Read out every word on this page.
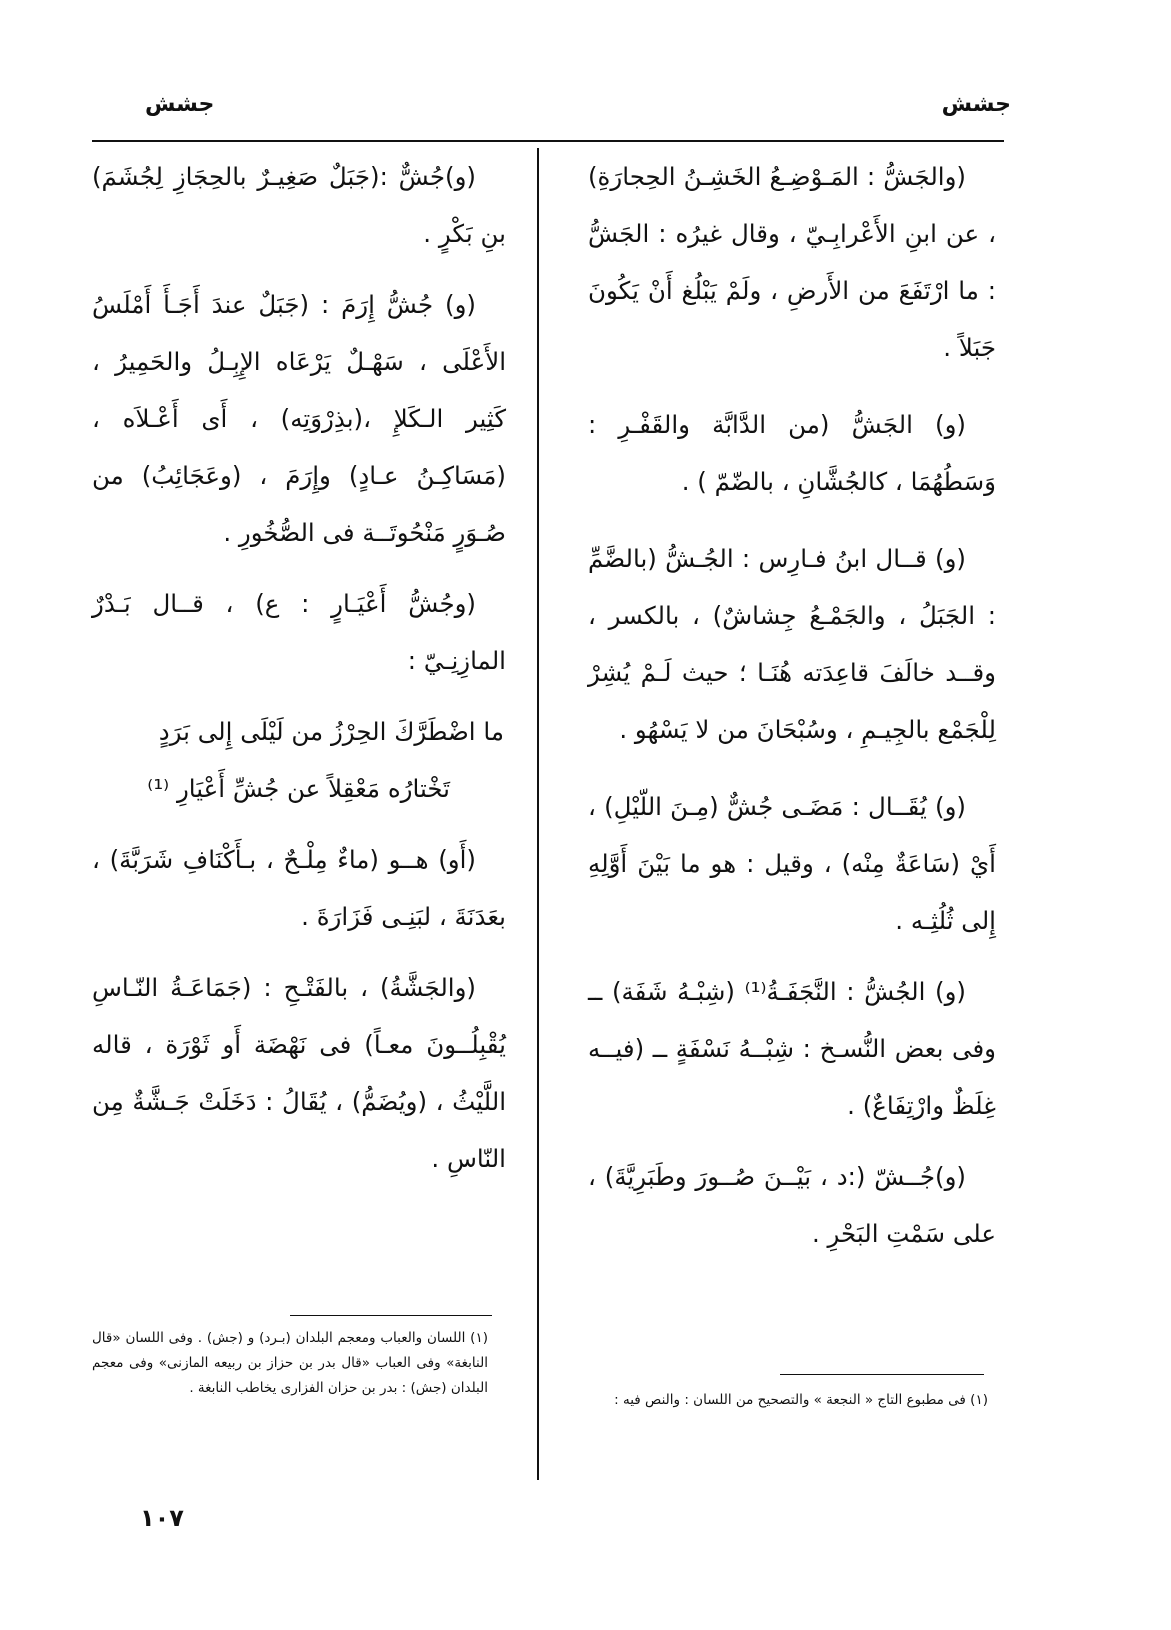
جشش
جشش

(والجَشُّ : المَـوْضِـعُ الخَشِـنُ الحِجارَةِ) ، عن ابنِ الأَعْرابِـيّ ، وقال غيرُه : الجَشُّ : ما ارْتَفَعَ من الأَرضِ ، ولَمْ يَبْلُغ أَنْ يَكُونَ جَبَلاً .

(و) الجَشُّ (من الدَّابَّة والقَفْـرِ : وَسَطُهُمَا ، كالجُشَّانِ ، بالضّمّ ) .

(و) قــال ابنُ فـارِس : الجُـشُّ (بالضَّمِّ : الجَبَلُ ، والجَمْـعُ جِشاشٌ) ، بالكسر ، وقــد خالَفَ قاعِدَته هُنَـا ؛ حيث لَـمْ يُشِرْ لِلْجَمْع بالجِيـمِ ، وسُبْحَانَ من لا يَسْهُو .

(و) يُقَــال : مَضَـى جُشٌّ (مِـنَ اللّيْلِ) ، أَيْ (سَاعَةٌ مِنْه) ، وقيل : هو ما بَيْنَ أَوَّلِهِ إِلى ثُلُثِـه .

(و) الجُشُّ : النَّجَفَـةُ⁽¹⁾ (شِبْـهُ شَفَة) ــ وفى بعض النُّسـخ : شِبْــهُ نَسْفَةٍ ــ (فيــه غِلَظٌ وارْتِفَاعٌ) .

(و)جُــشّ (:د ، بَيْــنَ صُــورَ وطَبَرِيَّةَ) ، على سَمْتِ البَحْرِ .

(و)جُشٌّ :(جَبَلٌ صَغِيـرٌ بالحِجَازِ لِجُشَمَ) بنِ بَكْرٍ .

(و) جُشُّ إِرَمَ : (جَبَلٌ عندَ أَجَـأَ أَمْلَسُ الأَعْلَى ، سَهْـلٌ يَرْعَاه الإِبِـلُ والحَمِيرُ ، كَثِير الـكَلإِ ،(بذِرْوَتِه) ، أَى أَعْـلاَه ، (مَسَاكِـنُ عـادٍ) وإِرَمَ ، (وعَجَائِبُ) من صُـوَرٍ مَنْحُوتَــة فى الصُّخُورِ .

(وجُشُّ أَعْيَـارٍ : ع) ، قــال بَـدْرٌ المازِنِـيّ :

ما اضْطَرَّكَ الحِرْزُ من لَيْلَى إِلى بَرَدٍ
تَخْتارُه مَعْقِلاً عن جُشِّ أَعْيَارِ ⁽¹⁾

(أَو) هــو (ماءٌ مِلْـحٌ ، بـأَكْنَافِ شَرَبَّةَ) ، بعَدَنَةَ ، لبَنِـى فَزَارَةَ .

(والجَشَّةُ) ، بالفَتْـحِ : (جَمَاعَـةُ النّـاسِ يُقْبِلُــونَ معـاً) فى نَهْضَة أَو ثَوْرَة ، قاله اللَّيْثُ ، (ويُضَمُّ) ، يُقَالُ : دَخَلَتْ جَـشَّةٌ مِن النّاسِ .

(١) فى مطبوع التاج « النجعة » والتصحيح من اللسان : والنص فيه :
(١) اللسان والعباب ومعجم البلدان (بـرد) و (جش) . وفى اللسان «قال النابغة» وفى العباب «قال بدر بن حزاز بن ربيعه المازنى» وفى معجم البلدان (جش) : بدر بن حزان الفزارى يخاطب النابغة .
١٠٧
